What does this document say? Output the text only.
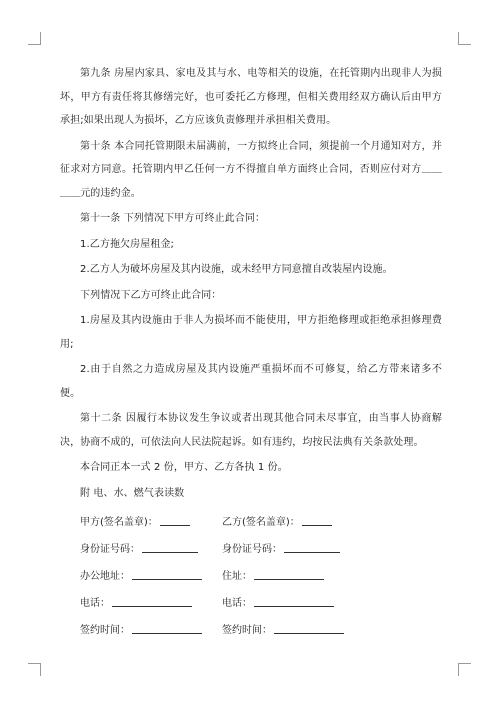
第九条 房屋内家具、家电及其与水、电等相关的设施，在托管期内出现非人为损坏，甲方有责任将其修缮完好，也可委托乙方修理，但相关费用经双方确认后由甲方承担;如果出现人为损坏，乙方应该负责修理并承担相关费用。

第十条 本合同托管期限未届满前，一方拟终止合同，须提前一个月通知对方，并征求对方同意。托管期内甲乙任何一方不得擅自单方面终止合同，否则应付对方＿＿＿＿元的违约金。

第十一条 下列情况下甲方可终止此合同：

1.乙方拖欠房屋租金;

2.乙方人为破坏房屋及其内设施，或未经甲方同意擅自改装屋内设施。

下列情况下乙方可终止此合同：

1.房屋及其内设施由于非人为损坏而不能使用，甲方拒绝修理或拒绝承担修理费用;

2.由于自然之力造成房屋及其内设施严重损坏而不可修复，给乙方带来诸多不便。

第十二条 因履行本协议发生争议或者出现其他合同未尽事宜，由当事人协商解决，协商不成的，可依法向人民法院起诉。如有违约，均按民法典有关条款处理。

本合同正本一式 2 份，甲方、乙方各执 1 份。

附 电、水、燃气表读数

甲方(签名盖章)：	乙方(签名盖章)：
身份证号码：	身份证号码：
办公地址：	住址：
电话：	电话：
签约时间：	签约时间：
